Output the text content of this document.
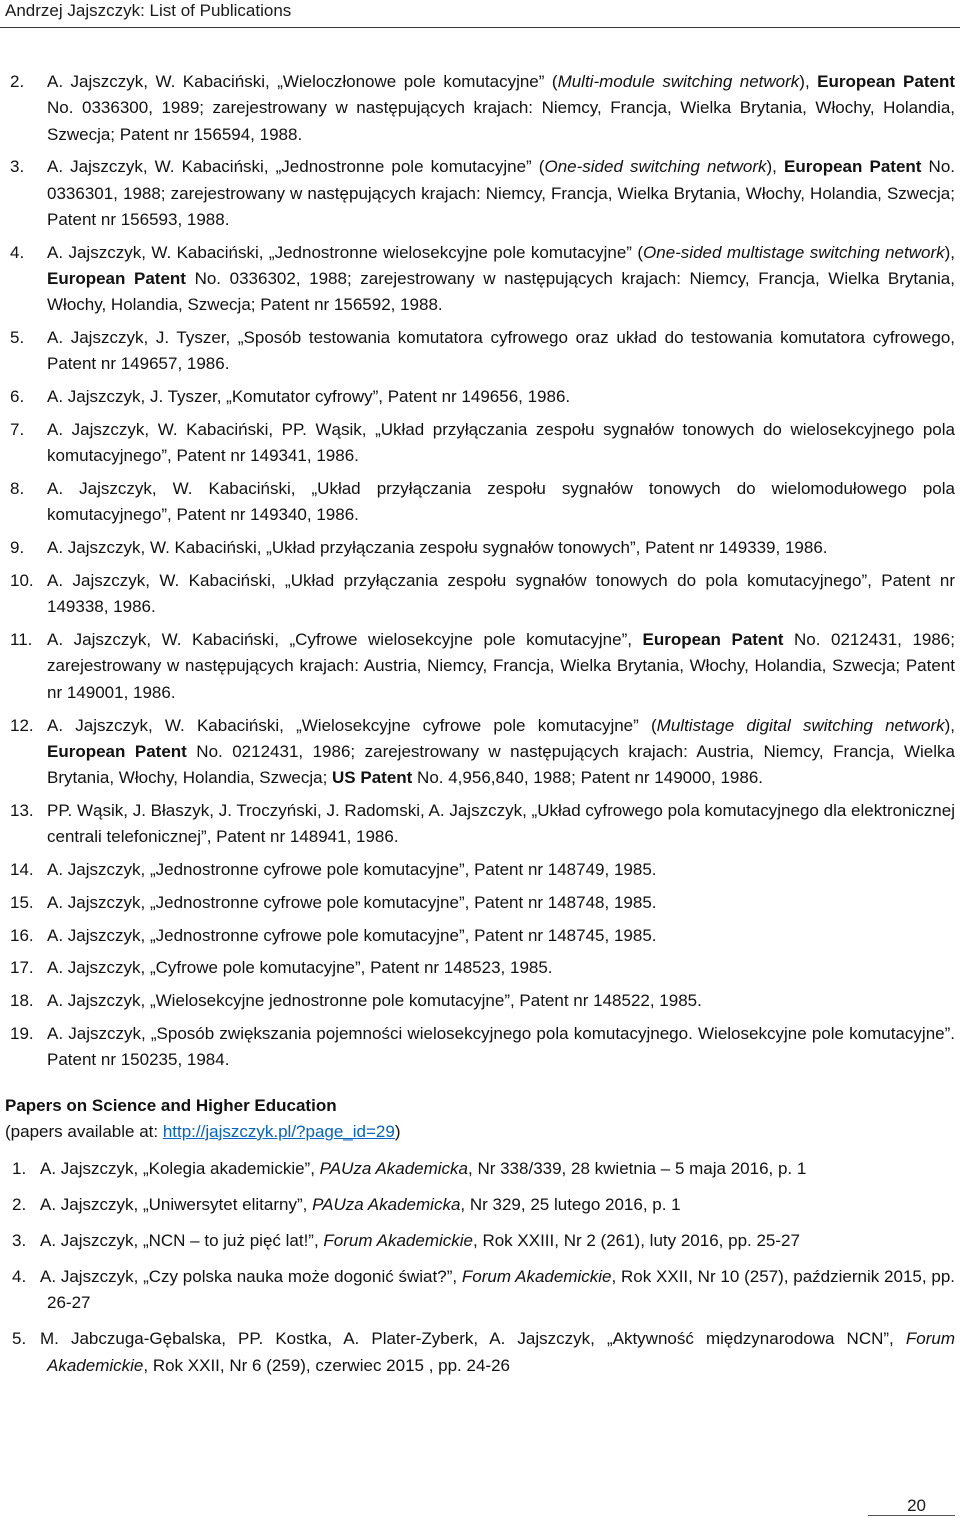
Andrzej Jajszczyk: List of Publications
2.	A. Jajszczyk, W. Kabaciński, „Wieloczłonowe pole komutacyjne” (Multi-module switching network), European Patent No. 0336300, 1989; zarejestrowany w następujących krajach: Niemcy, Francja, Wielka Brytania, Włochy, Holandia, Szwecja; Patent nr 156594, 1988.
3.	A. Jajszczyk, W. Kabaciński, „Jednostronne pole komutacyjne” (One-sided switching network), European Patent No. 0336301, 1988; zarejestrowany w następujących krajach: Niemcy, Francja, Wielka Brytania, Włochy, Holandia, Szwecja; Patent nr 156593, 1988.
4.	A. Jajszczyk, W. Kabaciński, „Jednostronne wielosekcyjne pole komutacyjne” (One-sided multistage switching network), European Patent No. 0336302, 1988; zarejestrowany w następujących krajach: Niemcy, Francja, Wielka Brytania, Włochy, Holandia, Szwecja; Patent nr 156592, 1988.
5.	A. Jajszczyk, J. Tyszer, „Sposób testowania komutatora cyfrowego oraz układ do testowania komutatora cyfrowego, Patent nr 149657, 1986.
6.	A. Jajszczyk, J. Tyszer, „Komutator cyfrowy”, Patent nr 149656, 1986.
7.	A. Jajszczyk, W. Kabaciński, PP. Wąsik, „Układ przyłączania zespołu sygnałów tonowych do wielosekcyjnego pola komutacyjnego”, Patent nr 149341, 1986.
8.	A. Jajszczyk, W. Kabaciński, „Układ przyłączania zespołu sygnałów tonowych do wielomodułowego pola komutacyjnego”, Patent nr 149340, 1986.
9.	A. Jajszczyk, W. Kabaciński, „Układ przyłączania zespołu sygnałów tonowych”, Patent nr 149339, 1986.
10. A. Jajszczyk, W. Kabaciński, „Układ przyłączania zespołu sygnałów tonowych do pola komutacyjnego”, Patent nr 149338, 1986.
11. A. Jajszczyk, W. Kabaciński, „Cyfrowe wielosekcyjne pole komutacyjne”, European Patent No. 0212431, 1986; zarejestrowany w następujących krajach: Austria, Niemcy, Francja, Wielka Brytania, Włochy, Holandia, Szwecja; Patent nr 149001, 1986.
12. A. Jajszczyk, W. Kabaciński, „Wielosekcyjne cyfrowe pole komutacyjne” (Multistage digital switching network), European Patent No. 0212431, 1986; zarejestrowany w następujących krajach: Austria, Niemcy, Francja, Wielka Brytania, Włochy, Holandia, Szwecja; US Patent No. 4,956,840, 1988; Patent nr 149000, 1986.
13. PP. Wąsik, J. Błaszyk, J. Troczyński, J. Radomski, A. Jajszczyk, „Układ cyfrowego pola komutacyjnego dla elektronicznej centrali telefonicznej”, Patent nr 148941, 1986.
14. A. Jajszczyk, „Jednostronne cyfrowe pole komutacyjne”, Patent nr 148749, 1985.
15. A. Jajszczyk, „Jednostronne cyfrowe pole komutacyjne”, Patent nr 148748, 1985.
16. A. Jajszczyk, „Jednostronne cyfrowe pole komutacyjne”, Patent nr 148745, 1985.
17. A. Jajszczyk, „Cyfrowe pole komutacyjne”, Patent nr 148523, 1985.
18. A. Jajszczyk, „Wielosekcyjne jednostronne pole komutacyjne”, Patent nr 148522, 1985.
19. A. Jajszczyk, „Sposób zwiększania pojemności wielosekcyjnego pola komutacyjnego. Wielosekcyjne pole komutacyjne”. Patent nr 150235, 1984.
Papers on Science and Higher Education
(papers available at: http://jajszczyk.pl/?page_id=29)
1. A. Jajszczyk, „Kolegia akademickie”, PAUza Akademicka, Nr 338/339, 28 kwietnia – 5 maja 2016, p. 1
2. A. Jajszczyk, „Uniwersytet elitarny”, PAUza Akademicka, Nr 329, 25 lutego 2016, p. 1
3. A. Jajszczyk, „NCN – to już pięć lat!”, Forum Akademickie, Rok XXIII, Nr 2 (261), luty 2016, pp. 25-27
4. A. Jajszczyk, „Czy polska nauka może dogonić świat?”, Forum Akademickie, Rok XXII, Nr 10 (257), październik 2015, pp. 26-27
5. M. Jabczuga-Gębalska, PP. Kostka, A. Plater-Zyberk, A. Jajszczyk, „Aktywność międzynarodowa NCN”, Forum Akademickie, Rok XXII, Nr 6 (259), czerwiec 2015 , pp. 24-26
20
